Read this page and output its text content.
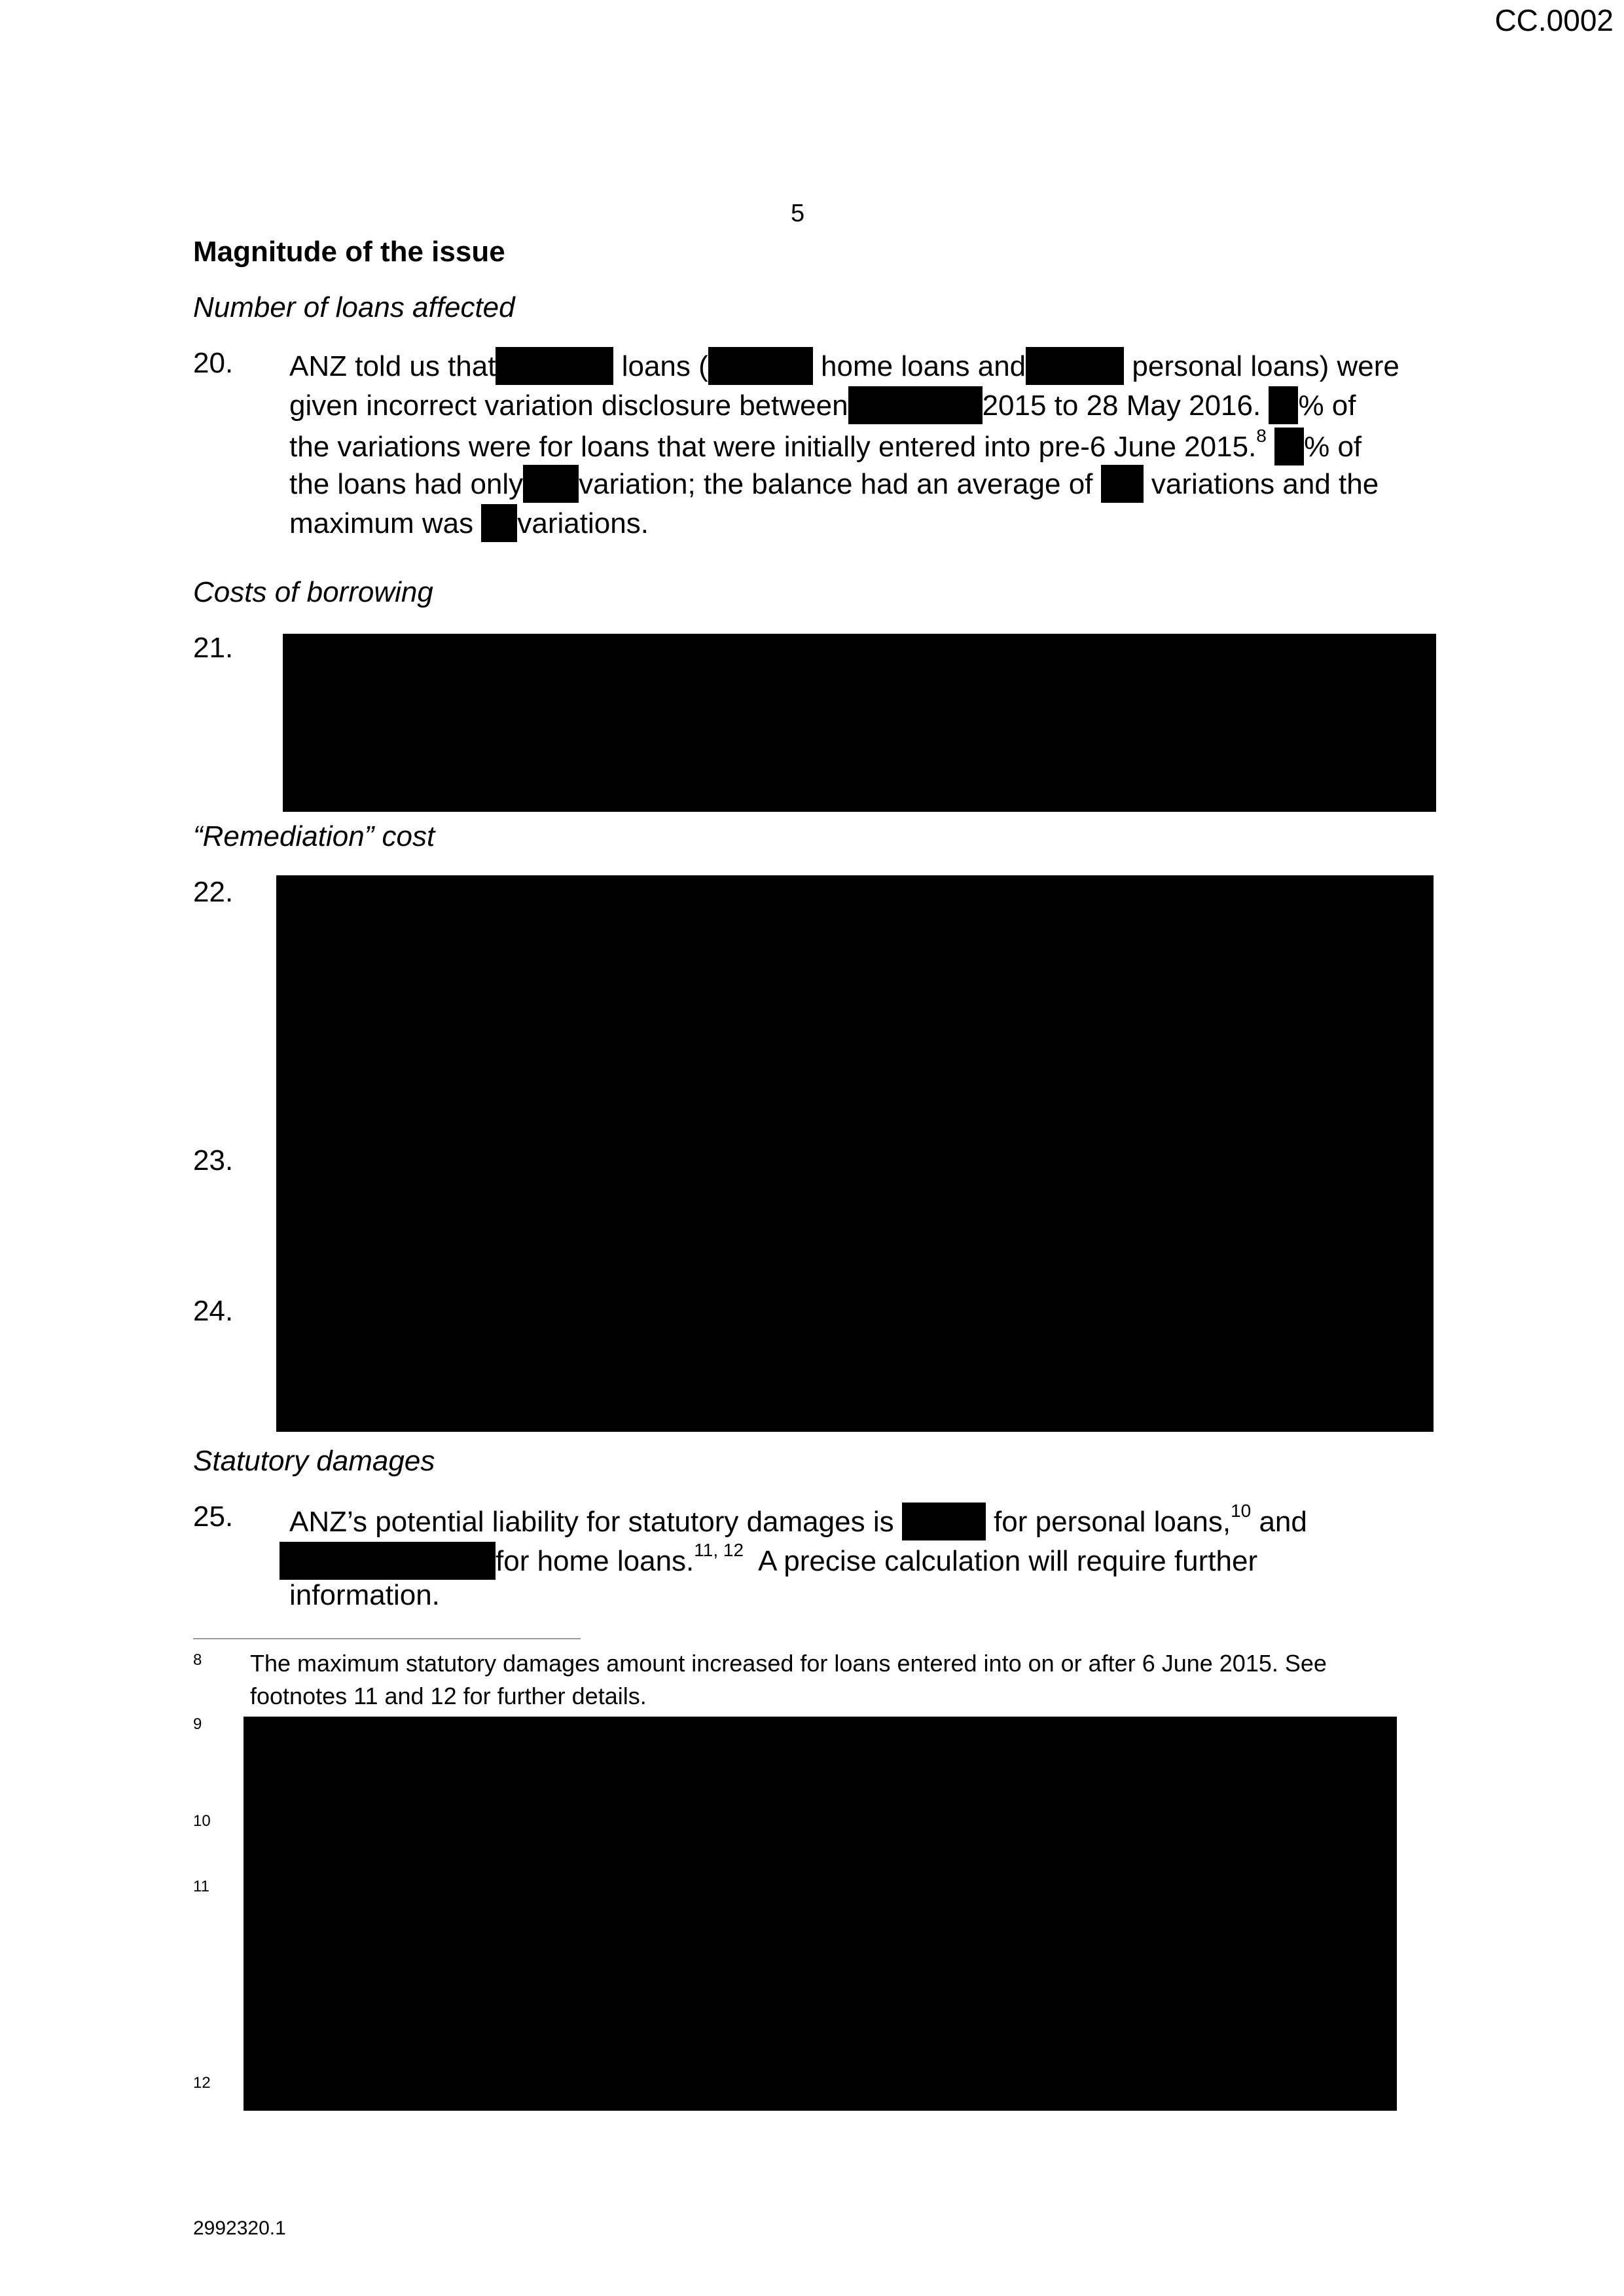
CC.0002
5
Magnitude of the issue
Number of loans affected
20. ANZ told us that	loans (	home loans and	personal loans) were
given incorrect variation disclosure between	2015 to 28 May 2016. % of
the variations were for loans that were initially entered into pre-6 June 2015.$^8$ % of
the loans had only variation; the balance had an average of variations and the
maximum was variations.
Costs of borrowing
21.
“Remediation” cost
22.
23.
24.
Statutory damages
25. ANZ’s potential liability for statutory damages is	for personal loans,$^{10}$ and
for home loans.$^{11, 12}$ A precise calculation will require further
information.
8 The maximum statutory damages amount increased for loans entered into on or after 6 June 2015. See
footnotes 11 and 12 for further details.
9
10
11
12
2992320.1
